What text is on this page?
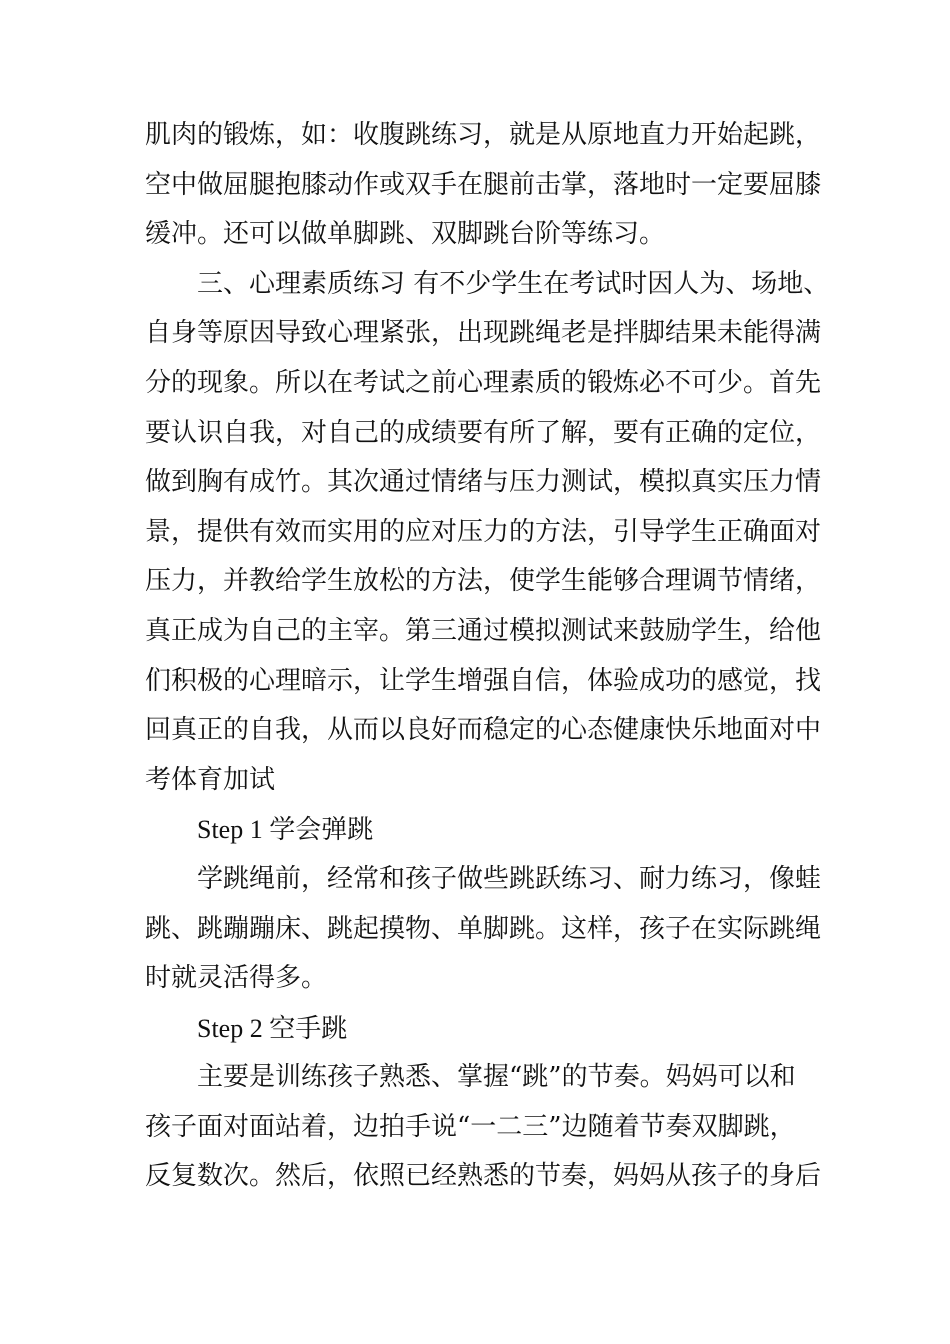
肌肉的锻炼，如：收腹跳练习，就是从原地直力开始起跳，
空中做屈腿抱膝动作或双手在腿前击掌，落地时一定要屈膝
缓冲。还可以做单脚跳、双脚跳台阶等练习。
三、心理素质练习 有不少学生在考试时因人为、场地、
自身等原因导致心理紧张，出现跳绳老是拌脚结果未能得满
分的现象。所以在考试之前心理素质的锻炼必不可少。首先
要认识自我，对自己的成绩要有所了解，要有正确的定位，
做到胸有成竹。其次通过情绪与压力测试，模拟真实压力情
景，提供有效而实用的应对压力的方法，引导学生正确面对
压力，并教给学生放松的方法，使学生能够合理调节情绪，
真正成为自己的主宰。第三通过模拟测试来鼓励学生，给他
们积极的心理暗示，让学生增强自信，体验成功的感觉，找
回真正的自我，从而以良好而稳定的心态健康快乐地面对中
考体育加试
Step 1 学会弹跳
学跳绳前，经常和孩子做些跳跃练习、耐力练习，像蛙
跳、跳蹦蹦床、跳起摸物、单脚跳。这样，孩子在实际跳绳
时就灵活得多。
Step 2 空手跳
主要是训练孩子熟悉、掌握“跳”的节奏。妈妈可以和
孩子面对面站着，边拍手说“一二三”边随着节奏双脚跳，
反复数次。然后，依照已经熟悉的节奏，妈妈从孩子的身后
